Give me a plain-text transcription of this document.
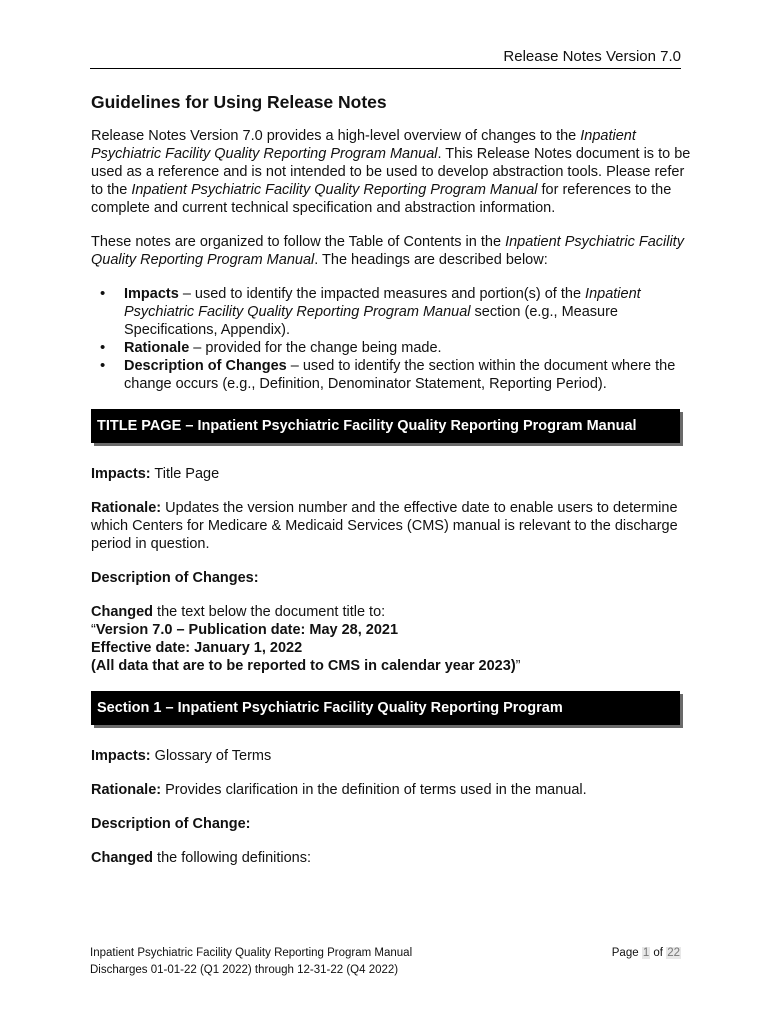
Release Notes Version 7.0
Guidelines for Using Release Notes

Release Notes Version 7.0 provides a high-level overview of changes to the Inpatient Psychiatric Facility Quality Reporting Program Manual. This Release Notes document is to be used as a reference and is not intended to be used to develop abstraction tools. Please refer to the Inpatient Psychiatric Facility Quality Reporting Program Manual for references to the complete and current technical specification and abstraction information.

These notes are organized to follow the Table of Contents in the Inpatient Psychiatric Facility Quality Reporting Program Manual. The headings are described below:

• Impacts – used to identify the impacted measures and portion(s) of the Inpatient Psychiatric Facility Quality Reporting Program Manual section (e.g., Measure Specifications, Appendix).
• Rationale – provided for the change being made.
• Description of Changes – used to identify the section within the document where the change occurs (e.g., Definition, Denominator Statement, Reporting Period).
TITLE PAGE – Inpatient Psychiatric Facility Quality Reporting Program Manual

Impacts: Title Page

Rationale: Updates the version number and the effective date to enable users to determine which Centers for Medicare & Medicaid Services (CMS) manual is relevant to the discharge period in question.

Description of Changes:

Changed the text below the document title to:
“Version 7.0 – Publication date: May 28, 2021
Effective date: January 1, 2022
(All data that are to be reported to CMS in calendar year 2023)”

Section 1 – Inpatient Psychiatric Facility Quality Reporting Program

Impacts: Glossary of Terms

Rationale: Provides clarification in the definition of terms used in the manual.

Description of Change:

Changed the following definitions:

Inpatient Psychiatric Facility Quality Reporting Program Manual
Discharges 01-01-22 (Q1 2022) through 12-31-22 (Q4 2022)
Page 1 of 22
